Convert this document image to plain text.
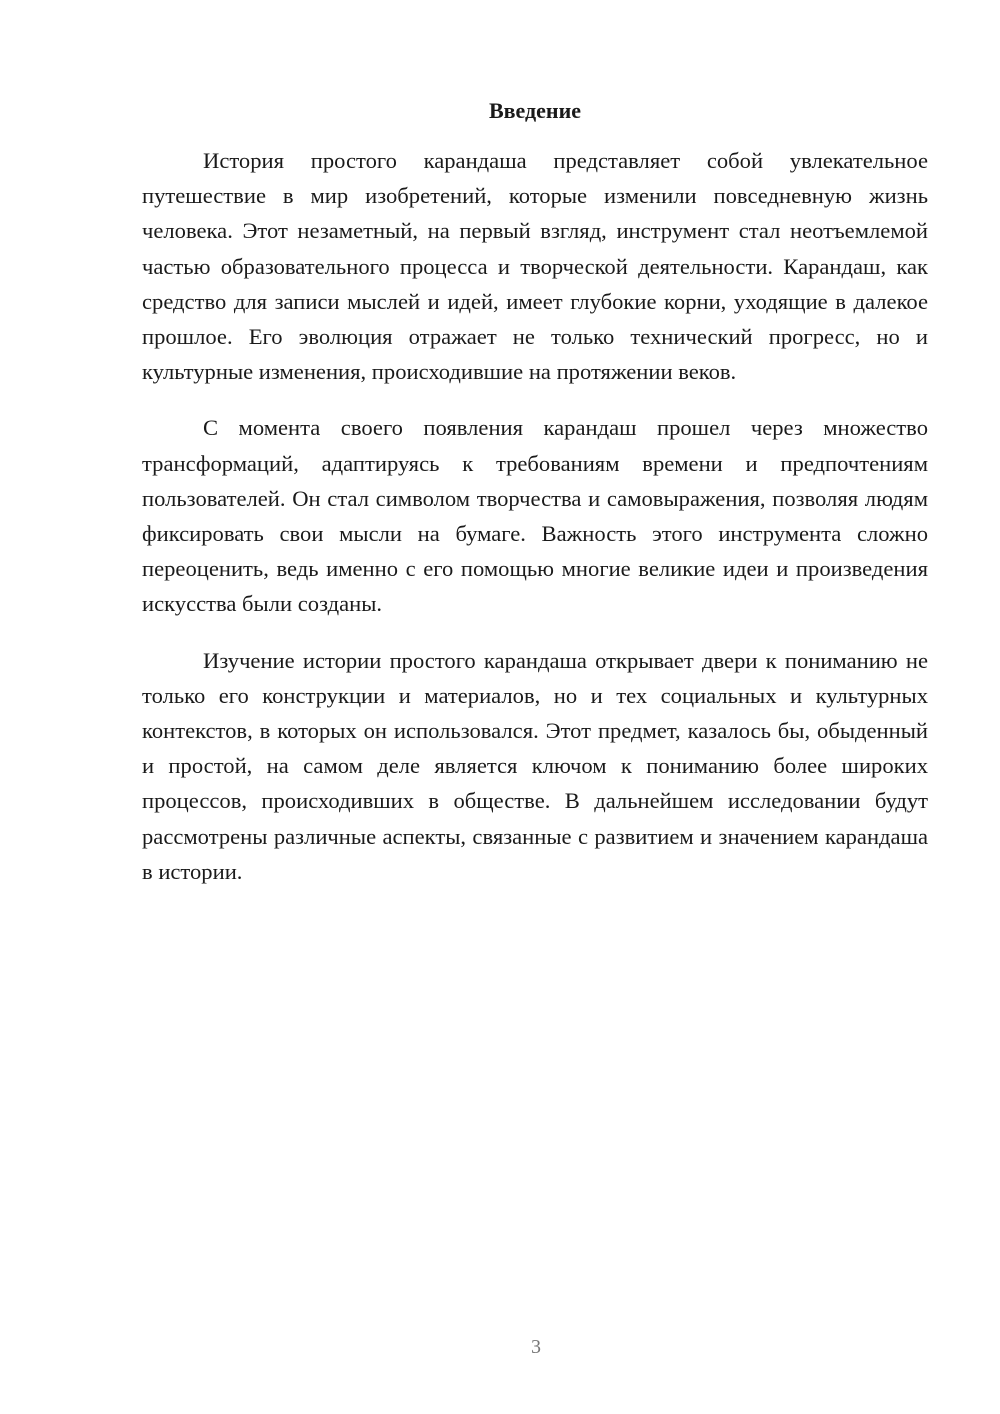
Введение

История простого карандаша представляет собой увлекательное путешествие в мир изобретений, которые изменили повседневную жизнь человека. Этот незаметный, на первый взгляд, инструмент стал неотъемлемой частью образовательного процесса и творческой деятельности. Карандаш, как средство для записи мыслей и идей, имеет глубокие корни, уходящие в далекое прошлое. Его эволюция отражает не только технический прогресс, но и культурные изменения, происходившие на протяжении веков.

С момента своего появления карандаш прошел через множество трансформаций, адаптируясь к требованиям времени и предпочтениям пользователей. Он стал символом творчества и самовыражения, позволяя людям фиксировать свои мысли на бумаге. Важность этого инструмента сложно переоценить, ведь именно с его помощью многие великие идеи и произведения искусства были созданы.

Изучение истории простого карандаша открывает двери к пониманию не только его конструкции и материалов, но и тех социальных и культурных контекстов, в которых он использовался. Этот предмет, казалось бы, обыденный и простой, на самом деле является ключом к пониманию более широких процессов, происходивших в обществе. В дальнейшем исследовании будут рассмотрены различные аспекты, связанные с развитием и значением карандаша в истории.

3
